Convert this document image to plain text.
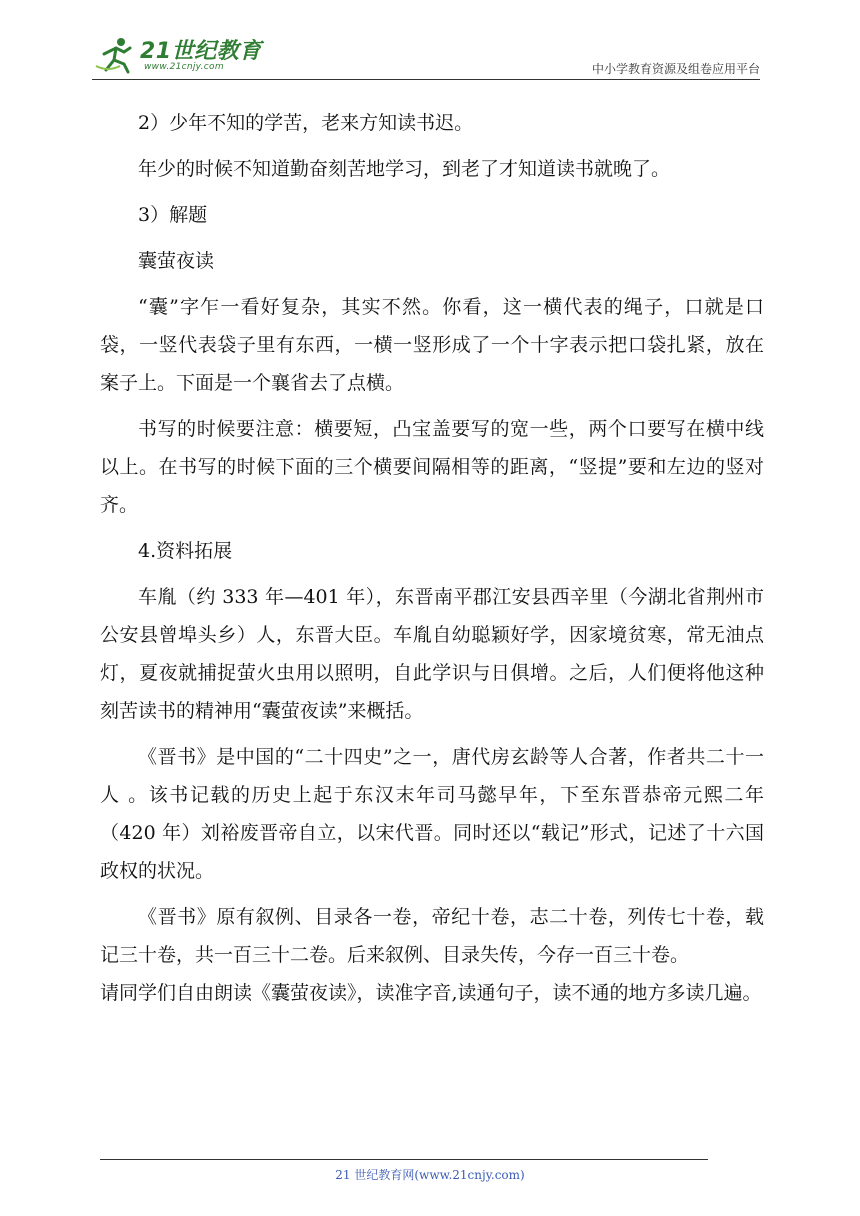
21世纪教育
www.21cnjy.com	中小学教育资源及组卷应用平台

2）少年不知的学苦，老来方知读书迟。

年少的时候不知道勤奋刻苦地学习，到老了才知道读书就晚了。

3）解题

囊萤夜读

“囊”字乍一看好复杂，其实不然。你看，这一横代表的绳子，口就是口袋，一竖代表袋子里有东西，一横一竖形成了一个十字表示把口袋扎紧，放在案子上。下面是一个襄省去了点横。

书写的时候要注意：横要短，凸宝盖要写的宽一些，两个口要写在横中线以上。在书写的时候下面的三个横要间隔相等的距离，“竖提”要和左边的竖对齐。

4.资料拓展

车胤（约 333 年—401 年），东晋南平郡江安县西辛里（今湖北省荆州市公安县曾埠头乡）人，东晋大臣。车胤自幼聪颖好学，因家境贫寒，常无油点灯，夏夜就捕捉萤火虫用以照明，自此学识与日俱增。之后，人们便将他这种刻苦读书的精神用“囊萤夜读”来概括。

《晋书》是中国的“二十四史”之一，唐代房玄龄等人合著，作者共二十一人 。该书记载的历史上起于东汉末年司马懿早年，下至东晋恭帝元熙二年（420 年）刘裕废晋帝自立，以宋代晋。同时还以“载记”形式，记述了十六国政权的状况。

《晋书》原有叙例、目录各一卷，帝纪十卷，志二十卷，列传七十卷，载记三十卷，共一百三十二卷。后来叙例、目录失传，今存一百三十卷。

请同学们自由朗读《囊萤夜读》，读准字音,读通句子，读不通的地方多读几遍。

21 世纪教育网(www.21cnjy.com)
